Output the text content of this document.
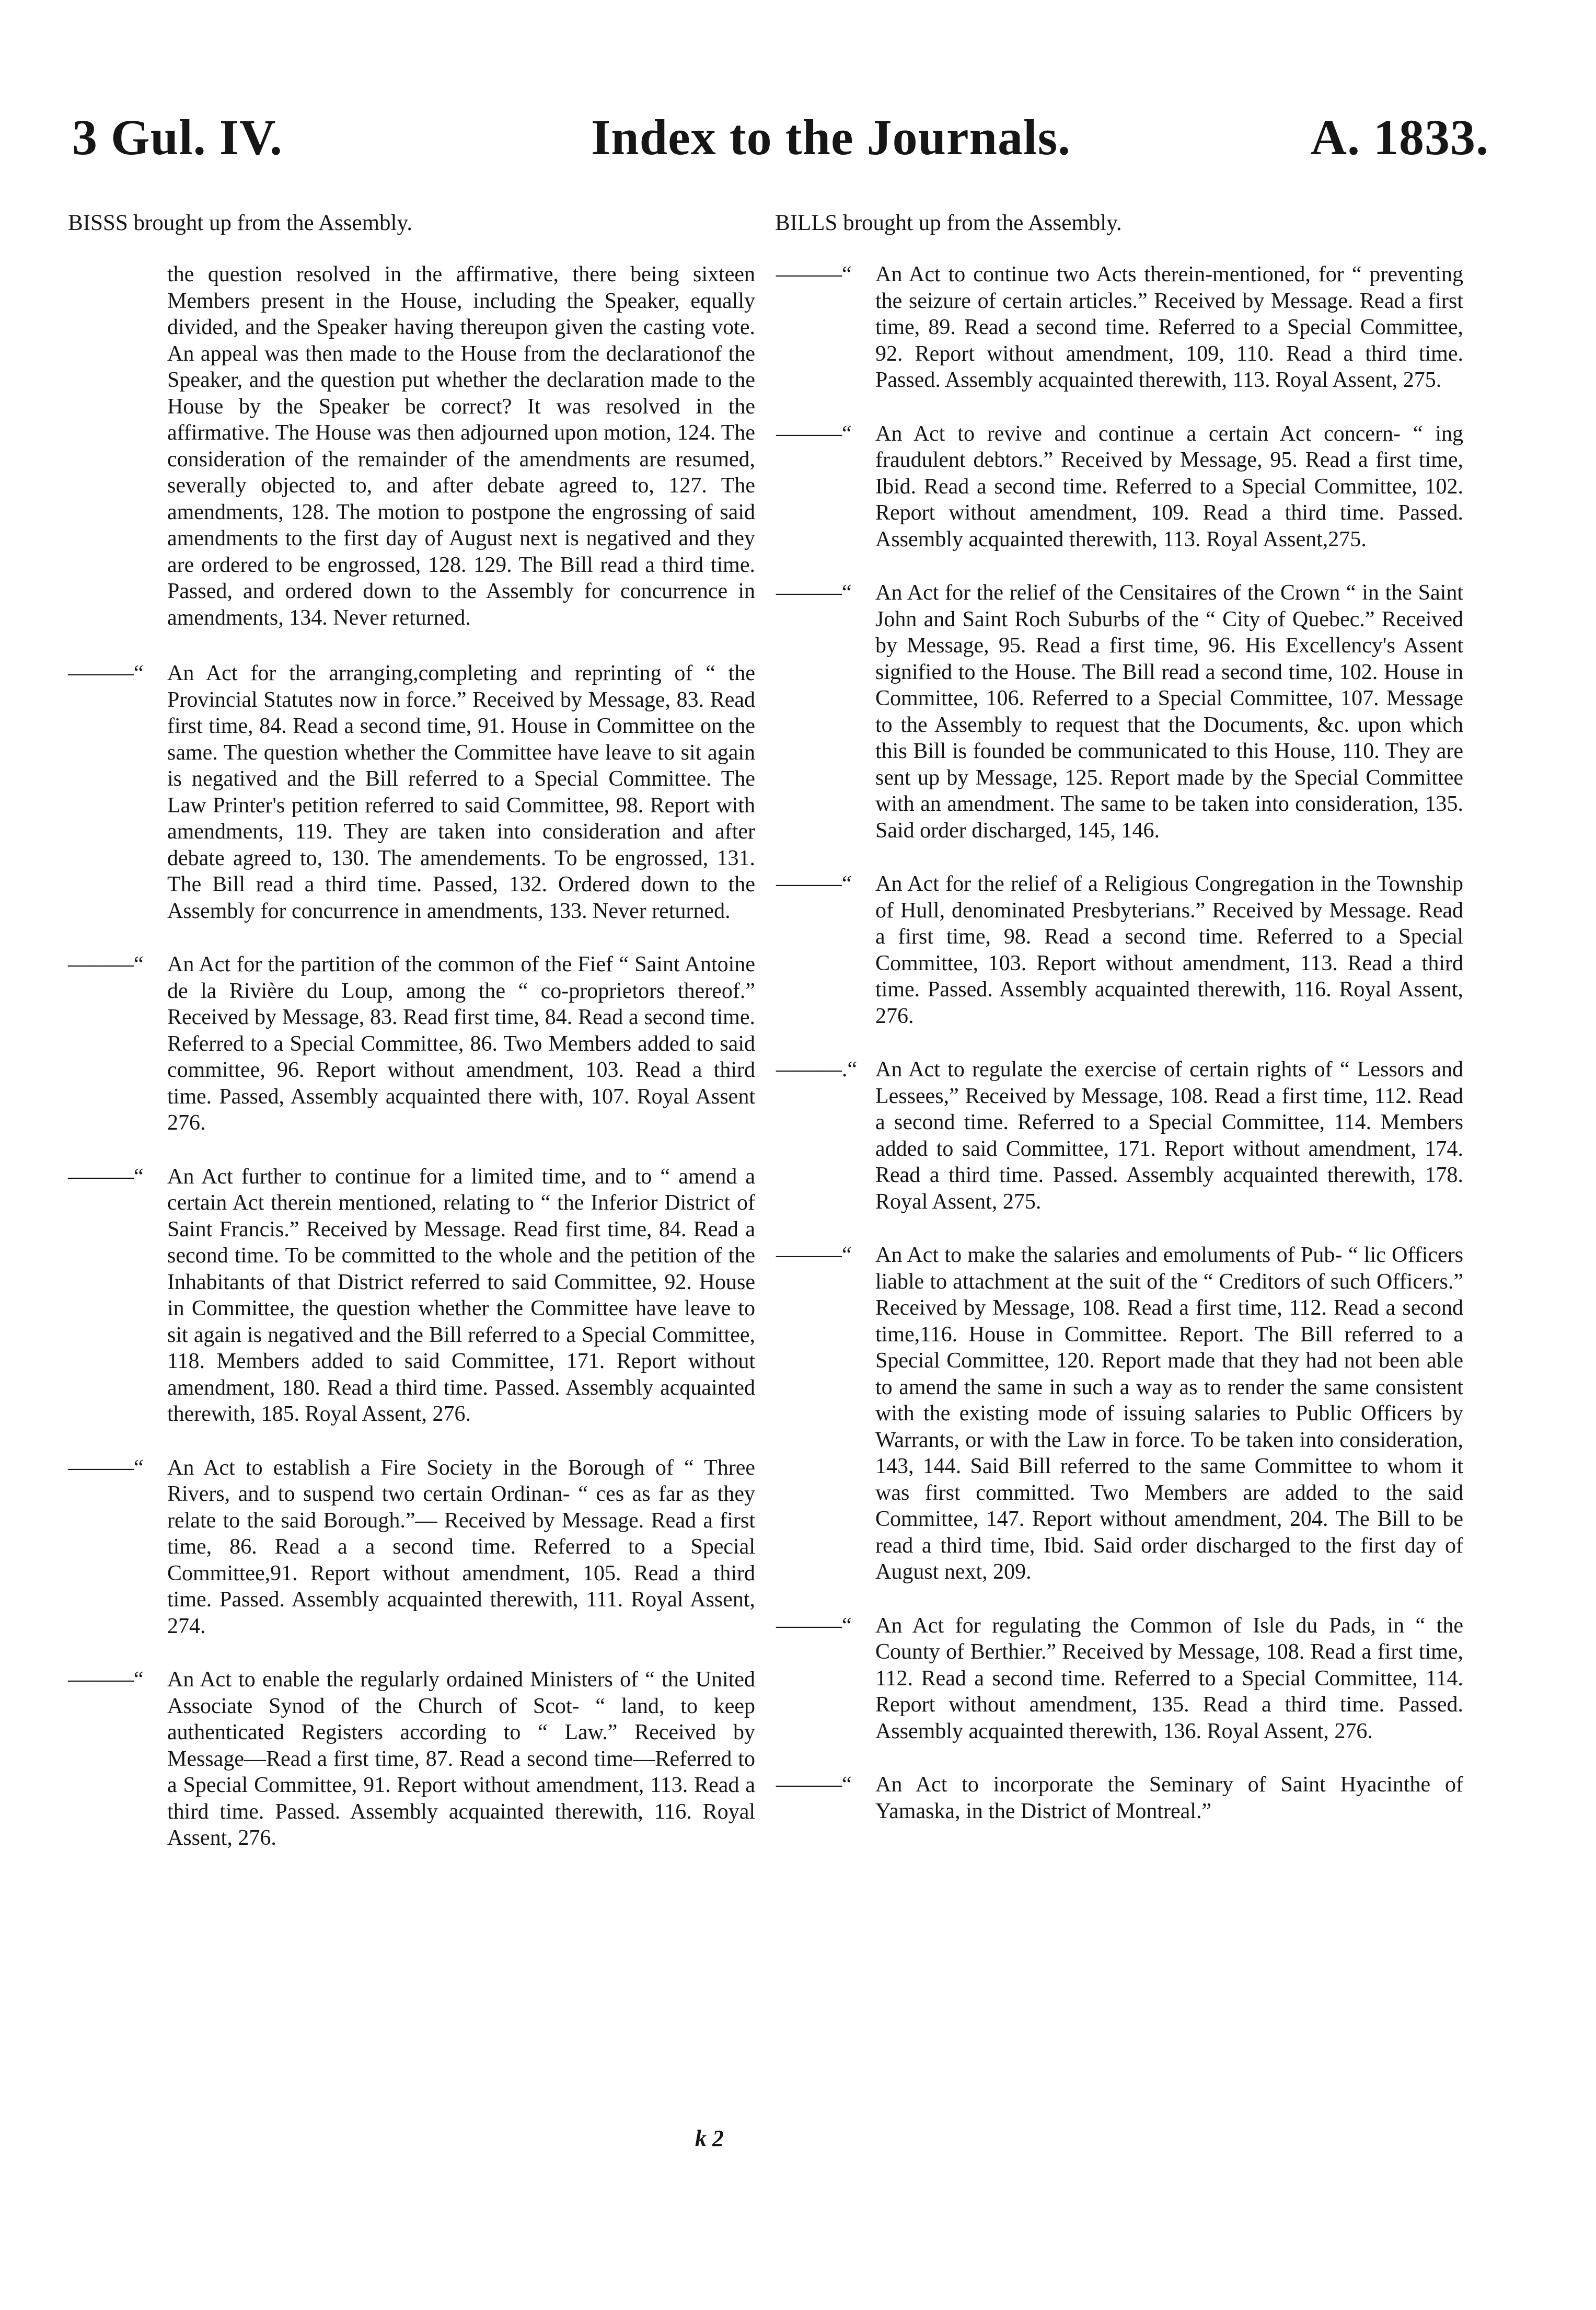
3 Gul. IV.	Index to the Journals.	A. 1833.
BISSS brought up from the Assembly.	BILLS brought up from the Assembly.
the question resolved in the affirmative, there being sixteen Members present in the House, including the Speaker, equally divided, and the Speaker having thereupon given the casting vote. An appeal was then made to the House from the declarationof the Speaker, and the question put whether the declaration made to the House by the Speaker be correct? It was resolved in the affirmative. The House was then adjourned upon motion, 124. The consideration of the remainder of the amendments are resumed, severally objected to, and after debate agreed to, 127. The amendments, 128. The motion to postpone the engrossing of said amendments to the first day of August next is negatived and they are ordered to be engrossed, 128. 129. The Bill read a third time. Passed, and ordered down to the Assembly for concurrence in amendments, 134. Never returned.
———“ An Act for the arranging,completing and reprinting of “ the Provincial Statutes now in force.” Received by Message, 83. Read first time, 84. Read a second time, 91. House in Committee on the same. The question whether the Committee have leave to sit again is negatived and the Bill referred to a Special Committee. The Law Printer's petition referred to said Committee, 98. Report with amendments, 119. They are taken into consideration and after debate agreed to, 130. The amendements. To be engrossed, 131. The Bill read a third time. Passed, 132. Ordered down to the Assembly for concurrence in amendments, 133. Never returned.
———“ An Act for the partition of the common of the Fief “ Saint Antoine de la Rivière du Loup, among the “ co-proprietors thereof.” Received by Message, 83. Read first time, 84. Read a second time. Referred to a Special Committee, 86. Two Members added to said committee, 96. Report without amendment, 103. Read a third time. Passed, Assembly acquainted there with, 107. Royal Assent 276.
———“ An Act further to continue for a limited time, and to “ amend a certain Act therein mentioned, relating to “ the Inferior District of Saint Francis.” Received by Message. Read first time, 84. Read a second time. To be committed to the whole and the petition of the Inhabitants of that District referred to said Committee, 92. House in Committee, the question whether the Committee have leave to sit again is negatived and the Bill referred to a Special Committee, 118. Members added to said Committee, 171. Report without amendment, 180. Read a third time. Passed. Assembly acquainted therewith, 185. Royal Assent, 276.
———“ An Act to establish a Fire Society in the Borough of “ Three Rivers, and to suspend two certain Ordinan- “ ces as far as they relate to the said Borough.”— Received by Message. Read a first time, 86. Read a a second time. Referred to a Special Committee,91. Report without amendment, 105. Read a third time. Passed. Assembly acquainted therewith, 111. Royal Assent, 274.
———“ An Act to enable the regularly ordained Ministers of “ the United Associate Synod of the Church of Scot- “ land, to keep authenticated Registers according to “ Law.” Received by Message—Read a first time, 87. Read a second time—Referred to a Special Committee, 91. Report without amendment, 113. Read a third time. Passed. Assembly acquainted therewith, 116. Royal Assent, 276.
———“ An Act to continue two Acts therein-mentioned, for “ preventing the seizure of certain articles.” Received by Message. Read a first time, 89. Read a second time. Referred to a Special Committee, 92. Report without amendment, 109, 110. Read a third time. Passed. Assembly acquainted therewith, 113. Royal Assent, 275.
———“ An Act to revive and continue a certain Act concern- “ ing fraudulent debtors.” Received by Message, 95. Read a first time, Ibid. Read a second time. Referred to a Special Committee, 102. Report without amendment, 109. Read a third time. Passed. Assembly acquainted therewith, 113. Royal Assent,275.
———“ An Act for the relief of the Censitaires of the Crown “ in the Saint John and Saint Roch Suburbs of the “ City of Quebec.” Received by Message, 95. Read a first time, 96. His Excellency's Assent signified to the House. The Bill read a second time, 102. House in Committee, 106. Referred to a Special Committee, 107. Message to the Assembly to request that the Documents, &c. upon which this Bill is founded be communicated to this House, 110. They are sent up by Message, 125. Report made by the Special Committee with an amendment. The same to be taken into consideration, 135. Said order discharged, 145, 146.
———“ An Act for the relief of a Religious Congregation in the Township of Hull, denominated Presbyterians.” Received by Message. Read a first time, 98. Read a second time. Referred to a Special Committee, 103. Report without amendment, 113. Read a third time. Passed. Assembly acquainted therewith, 116. Royal Assent, 276.
———.“ An Act to regulate the exercise of certain rights of “ Lessors and Lessees,” Received by Message, 108. Read a first time, 112. Read a second time. Referred to a Special Committee, 114. Members added to said Committee, 171. Report without amendment, 174. Read a third time. Passed. Assembly acquainted therewith, 178. Royal Assent, 275.
———“ An Act to make the salaries and emoluments of Pub- “ lic Officers liable to attachment at the suit of the “ Creditors of such Officers.” Received by Message, 108. Read a first time, 112. Read a second time,116. House in Committee. Report. The Bill referred to a Special Committee, 120. Report made that they had not been able to amend the same in such a way as to render the same consistent with the existing mode of issuing salaries to Public Officers by Warrants, or with the Law in force. To be taken into consideration, 143, 144. Said Bill referred to the same Committee to whom it was first committed. Two Members are added to the said Committee, 147. Report without amendment, 204. The Bill to be read a third time, Ibid. Said order discharged to the first day of August next, 209.
———“ An Act for regulating the Common of Isle du Pads, in “ the County of Berthier.” Received by Message, 108. Read a first time, 112. Read a second time. Referred to a Special Committee, 114. Report without amendment, 135. Read a third time. Passed. Assembly acquainted therewith, 136. Royal Assent, 276.
———“ An Act to incorporate the Seminary of Saint Hyacinthe of Yamaska, in the District of Montreal.”
k 2
